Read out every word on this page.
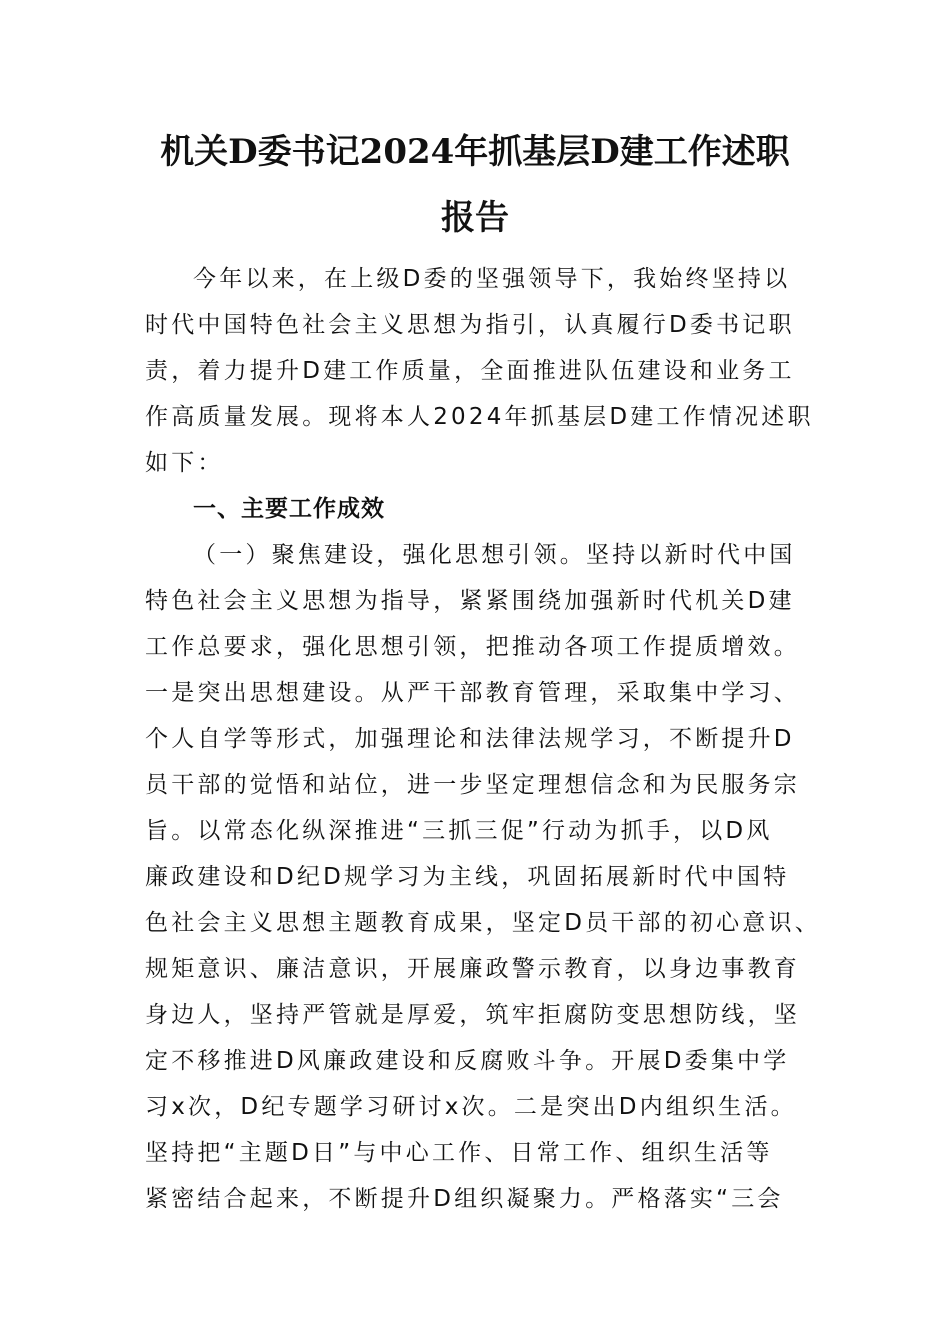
机关D委书记2024年抓基层D建工作述职
报告
今年以来，在上级D委的坚强领导下，我始终坚持以
时代中国特色社会主义思想为指引，认真履行D委书记职
责，着力提升D建工作质量，全面推进队伍建设和业务工
作高质量发展。现将本人2024年抓基层D建工作情况述职
如下：
一、主要工作成效
（一）聚焦建设，强化思想引领。坚持以新时代中国
特色社会主义思想为指导，紧紧围绕加强新时代机关D建
工作总要求，强化思想引领，把推动各项工作提质增效。
一是突出思想建设。从严干部教育管理，采取集中学习、
个人自学等形式，加强理论和法律法规学习，不断提升D
员干部的觉悟和站位，进一步坚定理想信念和为民服务宗
旨。以常态化纵深推进“三抓三促”行动为抓手，以D风
廉政建设和D纪D规学习为主线，巩固拓展新时代中国特
色社会主义思想主题教育成果，坚定D员干部的初心意识、
规矩意识、廉洁意识，开展廉政警示教育，以身边事教育
身边人，坚持严管就是厚爱，筑牢拒腐防变思想防线，坚
定不移推进D风廉政建设和反腐败斗争。开展D委集中学
习x次，D纪专题学习研讨x次。二是突出D内组织生活。
坚持把“主题D日”与中心工作、日常工作、组织生活等
紧密结合起来，不断提升D组织凝聚力。严格落实“三会
